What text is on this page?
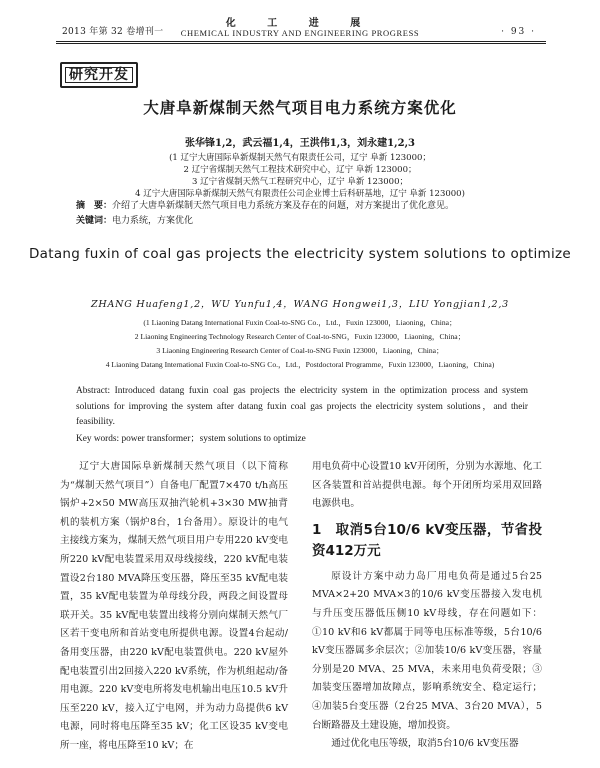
2013 年第 32 卷增刊一
化 工 进 展
CHEMICAL INDUSTRY AND ENGINEERING PROGRESS	· 93 ·
研究开发
大唐阜新煤制天然气项目电力系统方案优化
张华锋1,2，武云福1,4，王洪伟1,3，刘永建1,2,3
(1 辽宁大唐国际阜新煤制天然气有限责任公司，辽宁 阜新 123000；
2 辽宁省煤制天然气工程技术研究中心，辽宁 阜新 123000；
3 辽宁省煤制天然气工程研究中心，辽宁 阜新 123000；
4 辽宁大唐国际阜新煤制天然气有限责任公司企业博士后科研基地，辽宁 阜新 123000)
摘　要：介绍了大唐阜新煤制天然气项目电力系统方案及存在的问题，对方案提出了优化意见。
关键词：电力系统，方案优化
Datang fuxin of coal gas projects the electricity system solutions to optimize
ZHANG Huafeng1,2，WU Yunfu1,4，WANG Hongwei1,3，LIU Yongjian1,2,3
(1 Liaoning Datang International Fuxin Coal-to-SNG Co.，Ltd.，Fuxin 123000，Liaoning，China；
2 Liaoning Engineering Technology Research Center of Coal-to-SNG，Fuxin 123000，Liaoning，China；
3 Liaoning Engineering Research Center of Coal-to-SNG Fuxin 123000，Liaoning，China；
4 Liaoning Datang International Fuxin Coal-to-SNG Co.，Ltd.，Postdoctoral Programme，Fuxin 123000，Liaoning，China)
Abstract: Introduced datang fuxin coal gas projects the electricity system in the optimization process and system solutions for improving the system after datang fuxin coal gas projects the electricity system solutions，and their feasibility.
Key words: power transformer；system solutions to optimize

辽宁大唐国际阜新煤制天然气项目（以下简称为“煤制天然气项目”）自备电厂配置7×470 t/h高压锅炉+2×50 MW高压双抽汽轮机+3×30 MW抽背机的装机方案（锅炉8台，1台备用）。原设计的电气主接线方案为，煤制天然气项目用户专用220 kV变电所220 kV配电装置采用双母线接线，220 kV配电装置设2台180 MVA降压变压器，降压至35 kV配电装置，35 kV配电装置为单母线分段，两段之间设置母联开关。35 kV配电装置出线将分别向煤制天然气厂区若干变电所和首站变电所提供电源。设置4台起动/备用变压器，由220 kV配电装置供电。220 kV屋外配电装置引出2回接入220 kV系统，作为机组起动/备用电源。220 kV变电所将发电机输出电压10.5 kV升压至220 kV，接入辽宁电网，并为动力岛提供6 kV电源，同时将电压降至35 kV；化工区设35 kV变电所一座，将电压降至10 kV；在

用电负荷中心设置10 kV开闭所，分别为水源地、化工区各装置和首站提供电源。每个开闭所均采用双回路电源供电。

1　取消5台10/6 kV变压器，节省投资412万元

原设计方案中动力岛厂用电负荷是通过5台25 MVA×2+20 MVA×3的10/6 kV变压器接入发电机与升压变压器低压侧10 kV母线，存在问题如下：①10 kV和6 kV都属于同等电压标准等级，5台10/6 kV变压器属多余层次；②加装10/6 kV变压器，容量分别是20 MVA、25 MVA，未来用电负荷受限；③加装变压器增加故障点，影响系统安全、稳定运行；④加装5台变压器（2台25 MVA、3台20 MVA），5台断路器及土建设施，增加投资。

通过优化电压等级，取消5台10/6 kV变压器
